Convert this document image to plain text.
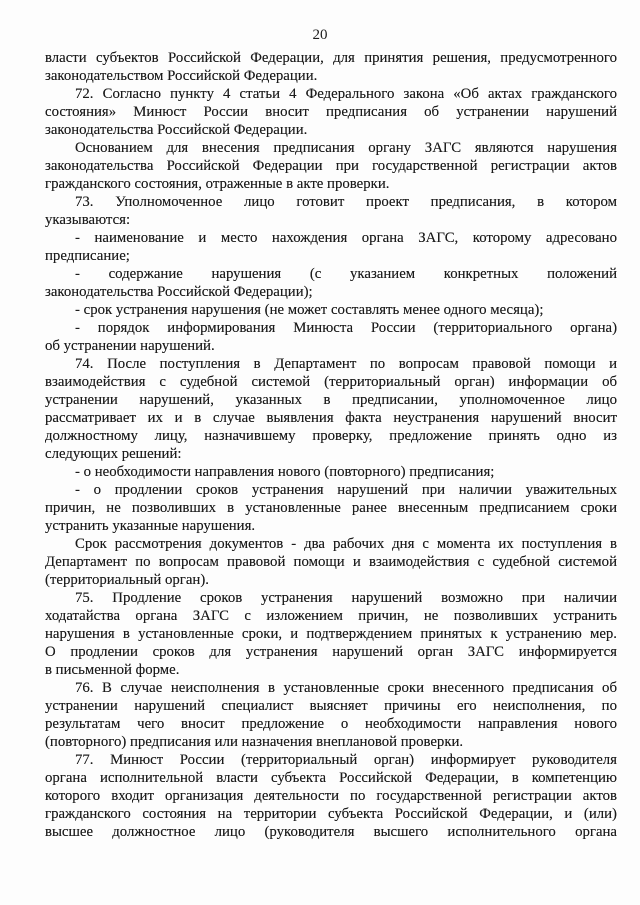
20
власти субъектов Российской Федерации, для принятия решения, предусмотренного
законодательством Российской Федерации.
72. Согласно пункту 4 статьи 4 Федерального закона «Об актах гражданского
состояния» Минюст России вносит предписания об устранении нарушений
законодательства Российской Федерации.
Основанием для внесения предписания органу ЗАГС являются нарушения
законодательства Российской Федерации при государственной регистрации актов
гражданского состояния, отраженные в акте проверки.
73. Уполномоченное лицо готовит проект предписания, в котором
указываются:
- наименование и место нахождения органа ЗАГС, которому адресовано
предписание;
- содержание нарушения (с указанием конкретных положений
законодательства Российской Федерации);
- срок устранения нарушения (не может составлять менее одного месяца);
- порядок информирования Минюста России (территориального органа)
об устранении нарушений.
74. После поступления в Департамент по вопросам правовой помощи и
взаимодействия с судебной системой (территориальный орган) информации об
устранении нарушений, указанных в предписании, уполномоченное лицо
рассматривает их и в случае выявления факта неустранения нарушений вносит
должностному лицу, назначившему проверку, предложение принять одно из
следующих решений:
- о необходимости направления нового (повторного) предписания;
- о продлении сроков устранения нарушений при наличии уважительных
причин, не позволивших в установленные ранее внесенным предписанием сроки
устранить указанные нарушения.
Срок рассмотрения документов - два рабочих дня с момента их поступления в
Департамент по вопросам правовой помощи и взаимодействия с судебной системой
(территориальный орган).
75. Продление сроков устранения нарушений возможно при наличии
ходатайства органа ЗАГС с изложением причин, не позволивших устранить
нарушения в установленные сроки, и подтверждением принятых к устранению мер.
О продлении сроков для устранения нарушений орган ЗАГС информируется
в письменной форме.
76. В случае неисполнения в установленные сроки внесенного предписания об
устранении нарушений специалист выясняет причины его неисполнения, по
результатам чего вносит предложение о необходимости направления нового
(повторного) предписания или назначения внеплановой проверки.
77. Минюст России (территориальный орган) информирует руководителя
органа исполнительной власти субъекта Российской Федерации, в компетенцию
которого входит организация деятельности по государственной регистрации актов
гражданского состояния на территории субъекта Российской Федерации, и (или)
высшее должностное лицо (руководителя высшего исполнительного органа
